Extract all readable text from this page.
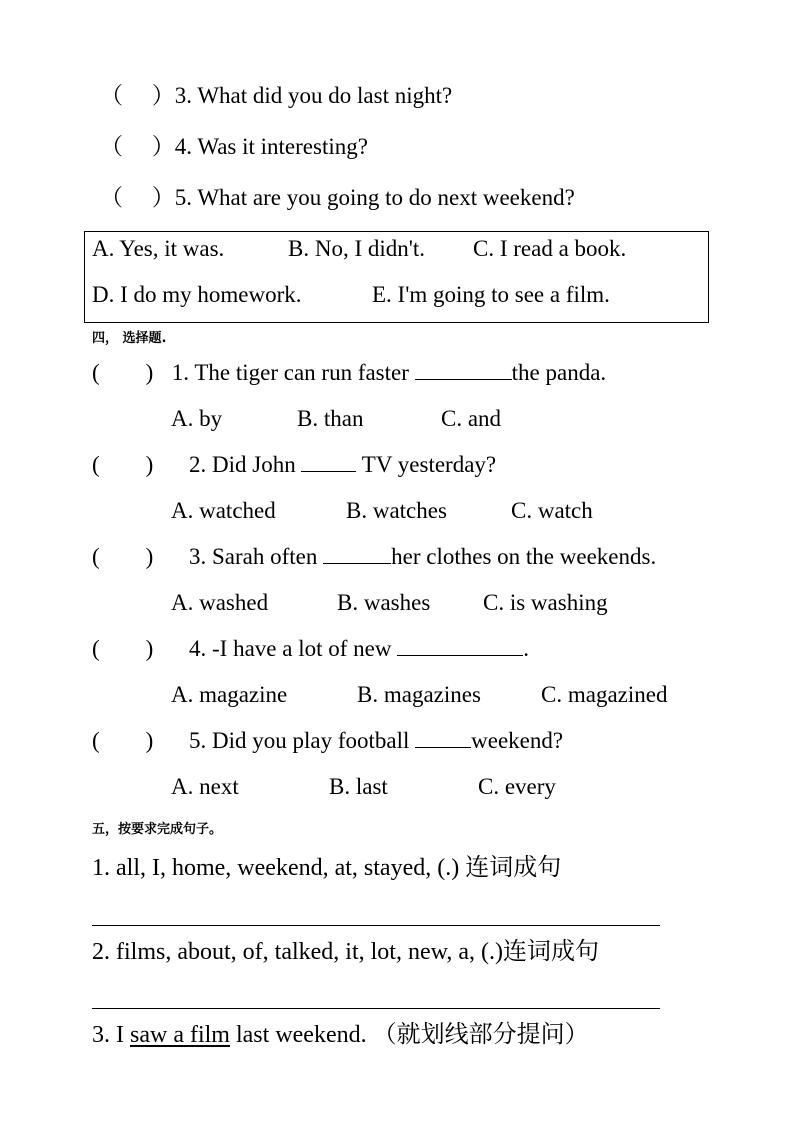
（　 ）3. What did you do last night?
（　 ）4. Was it interesting?
（　 ）5. What are you going to do next weekend?
A. Yes, it was.	B. No, I didn't. C. I read a book.
D. I do my homework.	E. I'm going to see a film.
四， 选择题.
(　　) 1. The tiger can run faster	the panda.
A. by	B. than	C. and
(　　) 2. Did John  TV yesterday?
A. watched	B. watches	C. watch
(　　) 3. Sarah often	her clothes on the weekends.
A. washed	B. washes C. is washing
(　　) 4. -I have a lot of new	.
A. magazine	B. magazines	C. magazined
(　　) 5. Did you play football weekend?
A. next	B. last	C. every
五，按要求完成句子。
1. all, I, home, weekend, at, stayed, (.) 连词成句
2. films, about, of, talked, it, lot, new, a, (.)连词成句
3. I saw a film last weekend. （就划线部分提问）
